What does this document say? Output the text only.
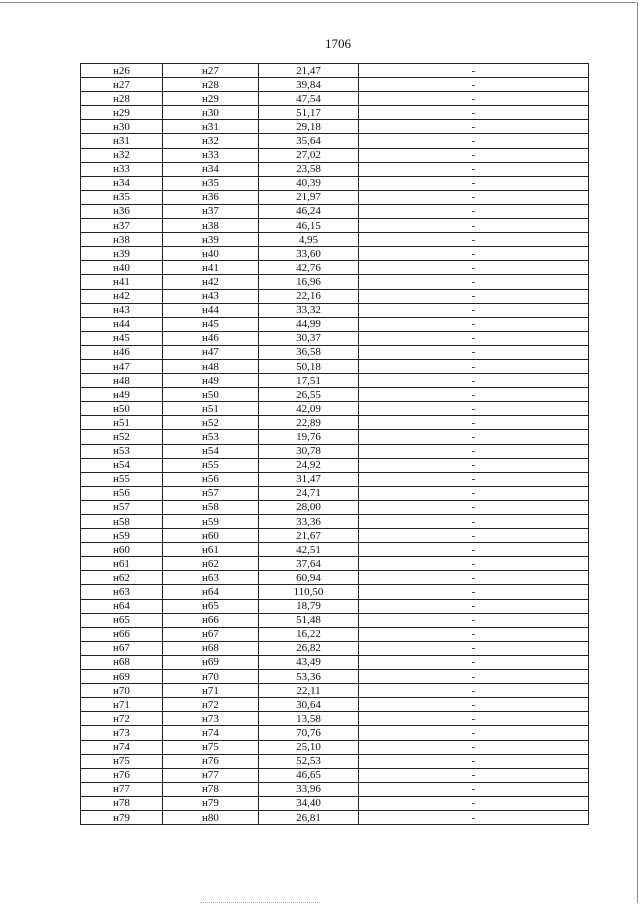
1706
н26	н27	21,47	-
н27	н28	39,84	-
н28	н29	47,54	-
н29	н30	51,17	-
н30	н31	29,18	-
н31	н32	35,64	-
н32	н33	27,02	-
н33	н34	23,58	-
н34	н35	40,39	-
н35	н36	21,97	-
н36	н37	46,24	-
н37	н38	46,15	-
н38	н39	4,95	-
н39	н40	33,60	-
н40	н41	42,76	-
н41	н42	16,96	-
н42	н43	22,16	-
н43	н44	33,32	-
н44	н45	44,99	-
н45	н46	30,37	-
н46	н47	36,58	-
н47	н48	50,18	-
н48	н49	17,51	-
н49	н50	26,55	-
н50	н51	42,09	-
н51	н52	22,89	-
н52	н53	19,76	-
н53	н54	30,78	-
н54	н55	24,92	-
н55	н56	31,47	-
н56	н57	24,71	-
н57	н58	28,00	-
н58	н59	33,36	-
н59	н60	21,67	-
н60	н61	42,51	-
н61	н62	37,64	-
н62	н63	60,94	-
н63	н64	110,50	-
н64	н65	18,79	-
н65	н66	51,48	-
н66	н67	16,22	-
н67	н68	26,82	-
н68	н69	43,49	-
н69	н70	53,36	-
н70	н71	22,11	-
н71	н72	30,64	-
н72	н73	13,58	-
н73	н74	70,76	-
н74	н75	25,10	-
н75	н76	52,53	-
н76	н77	46,65	-
н77	н78	33,96	-
н78	н79	34,40	-
н79	н80	26,81	-
